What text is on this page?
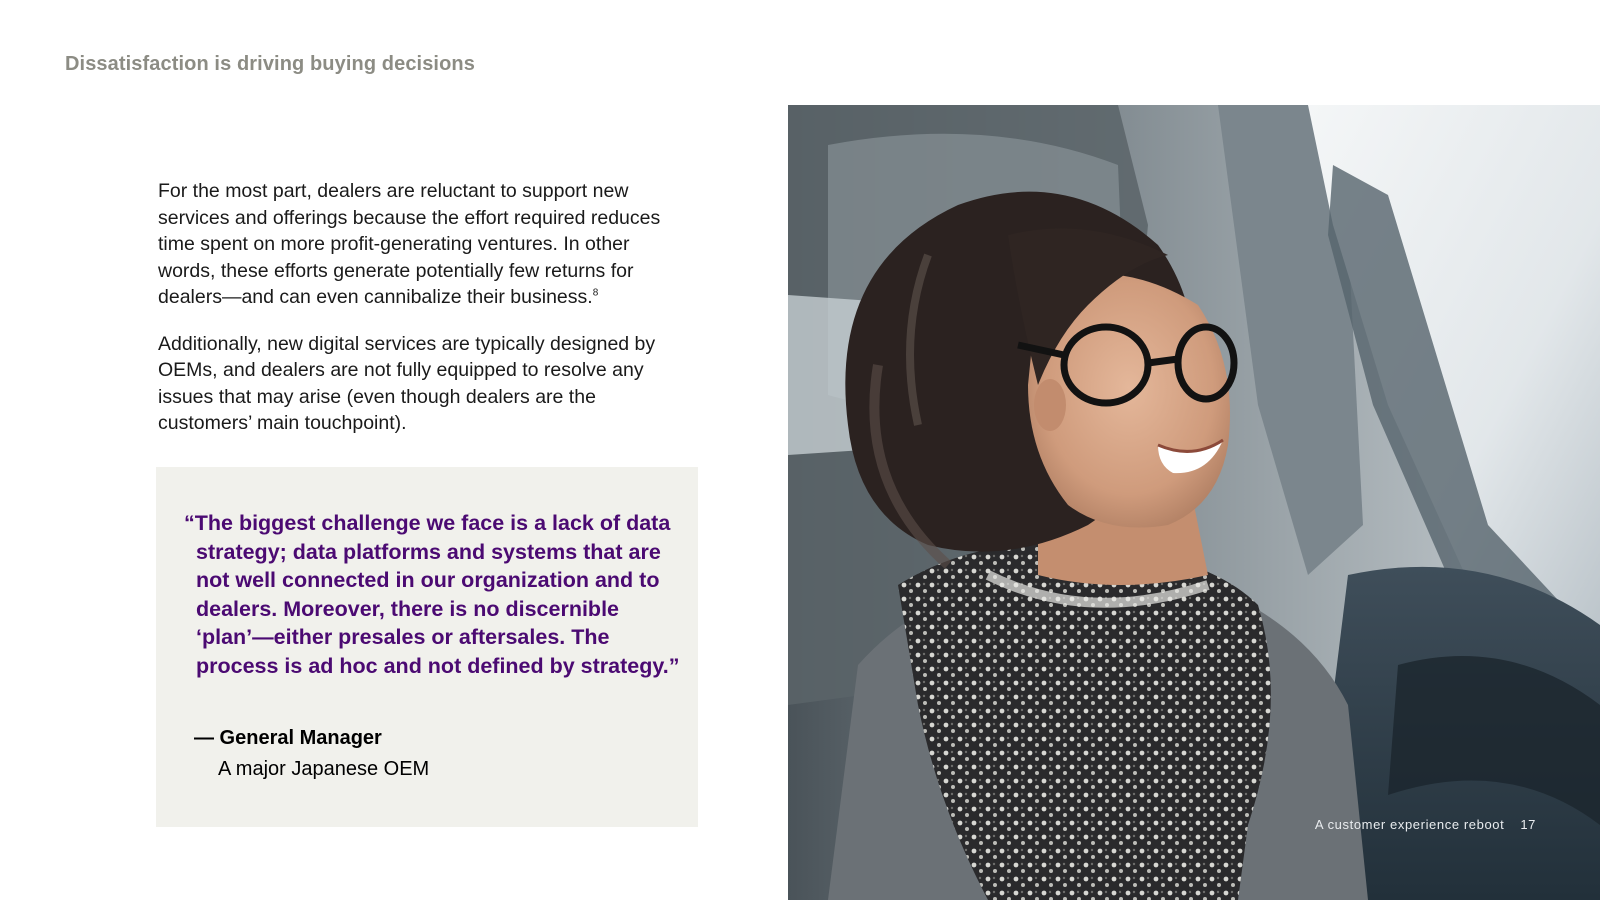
Dissatisfaction is driving buying decisions

For the most part, dealers are reluctant to support new services and offerings because the effort required reduces time spent on more profit-generating ventures. In other words, these efforts generate potentially few returns for dealers—and can even cannibalize their business.$^8$

Additionally, new digital services are typically designed by OEMs, and dealers are not fully equipped to resolve any issues that may arise (even though dealers are the customers’ main touchpoint).

“The biggest challenge we face is a lack of data strategy; data platforms and systems that are not well connected in our organization and to dealers. Moreover, there is no discernible ‘plan’—either presales or aftersales. The process is ad hoc and not defined by strategy.”
— General Manager
A major Japanese OEM
A customer experience reboot 17
